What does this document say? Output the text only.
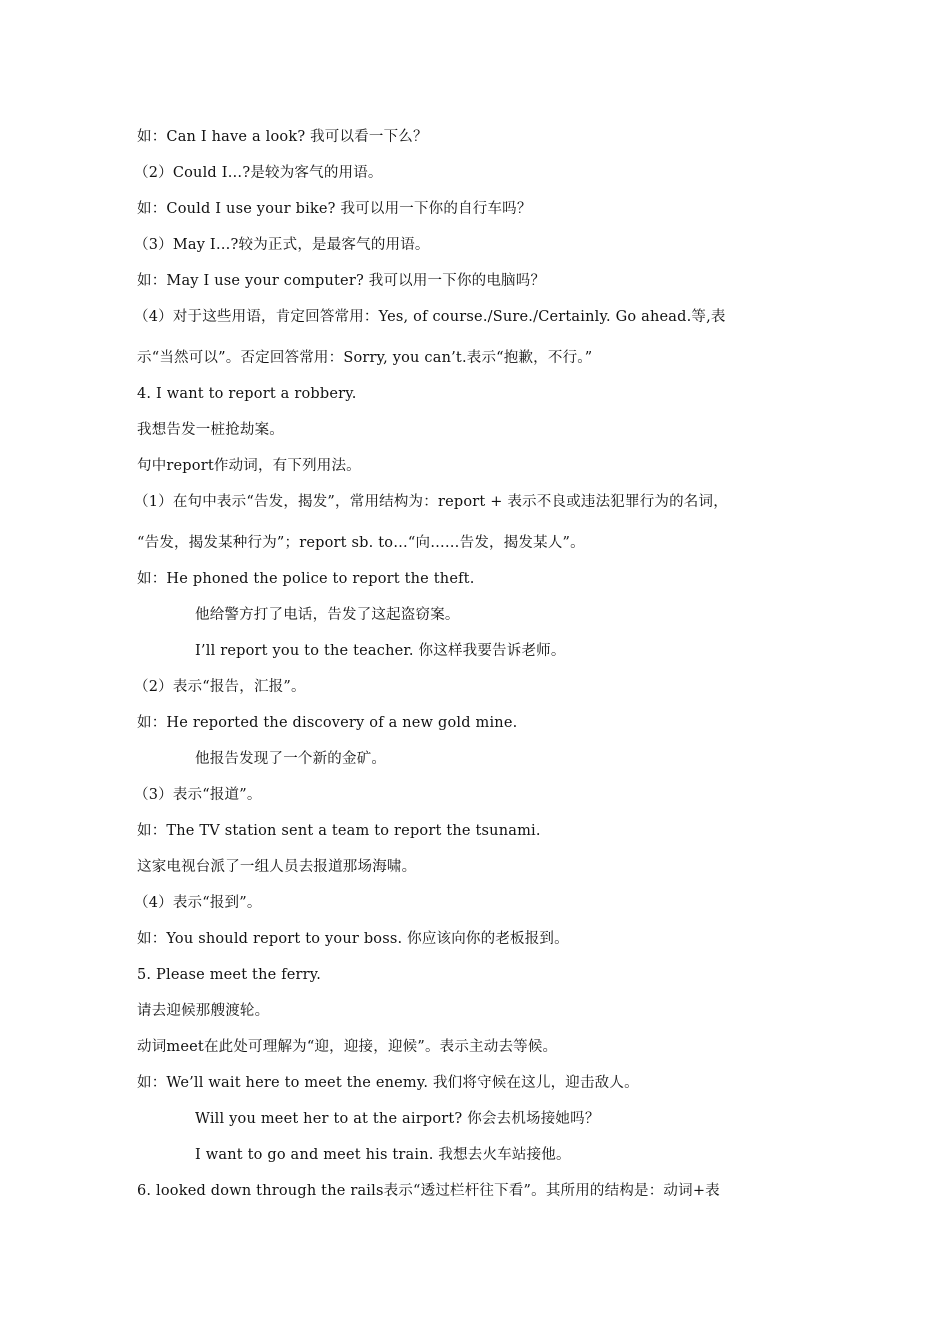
如：Can I have a look? 我可以看一下么？
（2）Could I…?是较为客气的用语。
如：Could I use your bike? 我可以用一下你的自行车吗？
（3）May I…?较为正式，是最客气的用语。
如：May I use your computer? 我可以用一下你的电脑吗？
（4）对于这些用语，肯定回答常用：Yes, of course./Sure./Certainly. Go ahead.等,表
示“当然可以”。否定回答常用：Sorry, you can’t.表示“抱歉，不行。”
4. I want to report a robbery.
我想告发一桩抢劫案。
句中report作动词，有下列用法。
（1）在句中表示“告发，揭发”，常用结构为：report + 表示不良或违法犯罪行为的名词，
“告发，揭发某种行为”；report sb. to…“向……告发，揭发某人”。
如：He phoned the police to report the theft.
他给警方打了电话，告发了这起盗窃案。
I’ll report you to the teacher. 你这样我要告诉老师。
（2）表示“报告，汇报”。
如：He reported the discovery of a new gold mine.
他报告发现了一个新的金矿。
（3）表示“报道”。
如：The TV station sent a team to report the tsunami.
这家电视台派了一组人员去报道那场海啸。
（4）表示“报到”。
如：You should report to your boss. 你应该向你的老板报到。
5. Please meet the ferry.
请去迎候那艘渡轮。
动词meet在此处可理解为“迎，迎接，迎候”。表示主动去等候。
如：We’ll wait here to meet the enemy. 我们将守候在这儿，迎击敌人。
Will you meet her to at the airport? 你会去机场接她吗？
I want to go and meet his train. 我想去火车站接他。
6. looked down through the rails表示“透过栏杆往下看”。其所用的结构是：动词+表
